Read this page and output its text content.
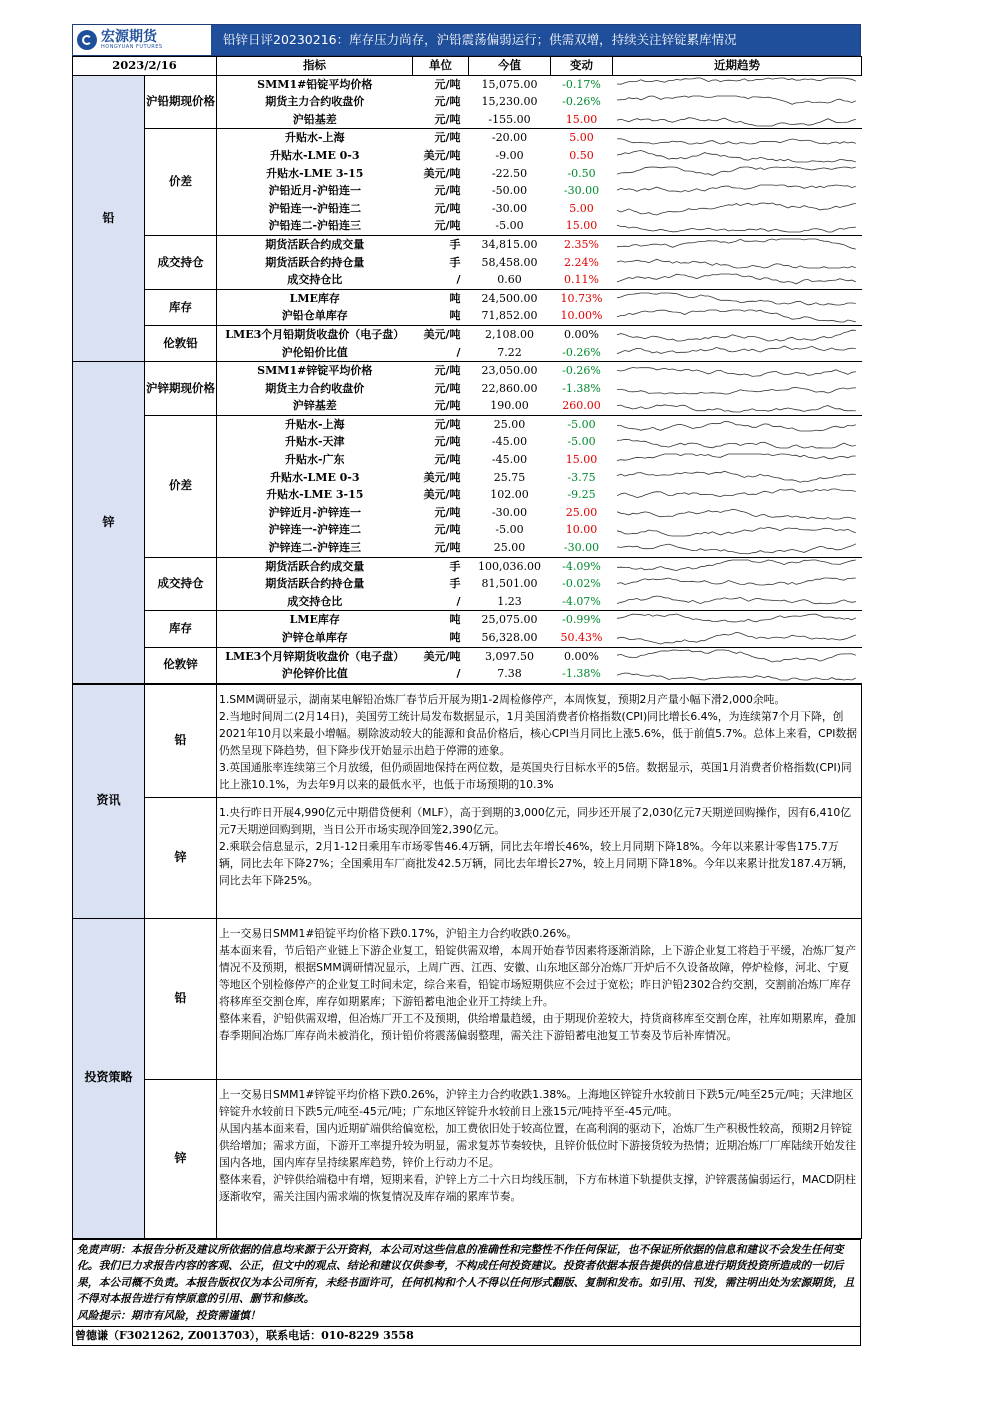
宏源期货
HONGYUAN FUTURES	铅锌日评20230216：库存压力尚存，沪铅震荡偏弱运行；供需双增，持续关注锌锭累库情况
2023/2/16		指标	单位	今值	变动	近期趋势
铅	沪铅期现价格	SMM1#铅锭平均价格	元/吨	15,075.00	-0.17%	

		期货主力合约收盘价	元/吨	15,230.00	-0.26%	

		沪铅基差	元/吨	-155.00	15.00	

	价差	升贴水-上海	元/吨	-20.00	5.00	

		升贴水-LME 0-3	美元/吨	-9.00	0.50	

		升贴水-LME 3-15	美元/吨	-22.50	-0.50	

		沪铅近月-沪铅连一	元/吨	-50.00	-30.00	

		沪铅连一-沪铅连二	元/吨	-30.00	5.00	

		沪铅连二-沪铅连三	元/吨	-5.00	15.00	

	成交持仓	期货活跃合约成交量	手	34,815.00	2.35%	

		期货活跃合约持仓量	手	58,458.00	2.24%	

		成交持仓比	/	0.60	0.11%	

	库存	LME库存	吨	24,500.00	10.73%	

		沪铅仓单库存	吨	71,852.00	10.00%	

	伦敦铅	LME3个月铅期货收盘价（电子盘）	美元/吨	2,108.00	0.00%	

		沪伦铅价比值	/	7.22	-0.26%	

锌	沪锌期现价格	SMM1#锌锭平均价格	元/吨	23,050.00	-0.26%	

		期货主力合约收盘价	元/吨	22,860.00	-1.38%	

		沪锌基差	元/吨	190.00	260.00	

	价差	升贴水-上海	元/吨	25.00	-5.00	

		升贴水-天津	元/吨	-45.00	-5.00	

		升贴水-广东	元/吨	-45.00	15.00	

		升贴水-LME 0-3	美元/吨	25.75	-3.75	

		升贴水-LME 3-15	美元/吨	102.00	-9.25	

		沪锌近月-沪锌连一	元/吨	-30.00	25.00	

		沪锌连一-沪锌连二	元/吨	-5.00	10.00	

		沪锌连二-沪锌连三	元/吨	25.00	-30.00	

	成交持仓	期货活跃合约成交量	手	100,036.00	-4.09%	

		期货活跃合约持仓量	手	81,501.00	-0.02%	

		成交持仓比	/	1.23	-4.07%	

	库存	LME库存	吨	25,075.00	-0.99%	

		沪锌仓单库存	吨	56,328.00	50.43%	

	伦敦锌	LME3个月锌期货收盘价（电子盘）	美元/吨	3,097.50	0.00%	

		沪伦锌价比值	/	7.38	-1.38%	
资讯	铅	1.SMM调研显示，湖南某电解铅冶炼厂春节后开展为期1-2周检修停产，本周恢复，预期2月产量小幅下滑2,000余吨。

2.当地时间周二(2月14日)，美国劳工统计局发布数据显示，1月美国消费者价格指数(CPI)同比增长6.4%，为连续第7个月下降，创2021年10月以来最小增幅。剔除波动较大的能源和食品价格后，核心CPI当月同比上涨5.6%，低于前值5.7%。总体上来看，CPI数据仍然呈现下降趋势，但下降步伐开始显示出趋于停滞的迹象。

3.英国通胀率连续第三个月放缓，但仍顽固地保持在两位数，是英国央行目标水平的5倍。数据显示，英国1月消费者价格指数(CPI)同比上涨10.1%，为去年9月以来的最低水平，也低于市场预期的10.3%

	锌	1.央行昨日开展4,990亿元中期借贷便利（MLF），高于到期的3,000亿元，同步还开展了2,030亿元7天期逆回购操作，因有6,410亿元7天期逆回购到期，当日公开市场实现净回笼2,390亿元。

2.乘联会信息显示，2月1-12日乘用车市场零售46.4万辆，同比去年增长46%，较上月同期下降18%。今年以来累计零售175.7万辆，同比去年下降27%；全国乘用车厂商批发42.5万辆，同比去年增长27%，较上月同期下降18%。今年以来累计批发187.4万辆，同比去年下降25%。

投资策略	铅	上一交易日SMM1#铅锭平均价格下跌0.17%，沪铅主力合约收跌0.26%。

基本面来看，节后铅产业链上下游企业复工，铅锭供需双增，本周开始春节因素将逐渐消除，上下游企业复工将趋于平缓，冶炼厂复产情况不及预期，根据SMM调研情况显示，上周广西、江西、安徽、山东地区部分冶炼厂开炉后不久设备故障，停炉检修，河北、宁夏等地区个别检修停产的企业复工时间未定，综合来看，铅锭市场短期供应不会过于宽松；昨日沪铅2302合约交割，交割前冶炼厂库存将移库至交割仓库，库存如期累库；下游铅蓄电池企业开工持续上升。

整体来看，沪铅供需双增，但冶炼厂开工不及预期，供给增量趋缓，由于期现价差较大，持货商移库至交割仓库，社库如期累库，叠加春季期间冶炼厂库存尚未被消化，预计铅价将震荡偏弱整理，需关注下游铅蓄电池复工节奏及节后补库情况。

	锌	上一交易日SMM1#锌锭平均价格下跌0.26%，沪锌主力合约收跌1.38%。上海地区锌锭升水较前日下跌5元/吨至25元/吨；天津地区锌锭升水较前日下跌5元/吨至-45元/吨；广东地区锌锭升水较前日上涨15元/吨持平至-45元/吨。

从国内基本面来看，国内近期矿端供给偏宽松，加工费依旧处于较高位置，在高利润的驱动下，冶炼厂生产积极性较高，预期2月锌锭供给增加；需求方面，下游开工率提升较为明显，需求复苏节奏较快，且锌价低位时下游接货较为热情；近期冶炼厂厂库陆续开始发往国内各地，国内库存呈持续累库趋势，锌价上行动力不足。

整体来看，沪锌供给端稳中有增，短期来看，沪锌上方二十六日均线压制，下方布林道下轨提供支撑，沪锌震荡偏弱运行，MACD阴柱逐渐收窄，需关注国内需求端的恢复情况及库存端的累库节奏。

免责声明：本报告分析及建议所依据的信息均来源于公开资料，本公司对这些信息的准确性和完整性不作任何保证，也不保证所依据的信息和建议不会发生任何变化。我们已力求报告内容的客观、公正，但文中的观点、结论和建议仅供参考，不构成任何投资建议。投资者依据本报告提供的信息进行期货投资所造成的一切后果，本公司概不负责。本报告版权仅为本公司所有，未经书面许可，任何机构和个人不得以任何形式翻版、复制和发布。如引用、刊发，需注明出处为宏源期货，且不得对本报告进行有悖原意的引用、删节和修改。
风险提示：期市有风险，投资需谨慎！

曾德谦（F3021262, Z0013703），联系电话：010-8229 3558
